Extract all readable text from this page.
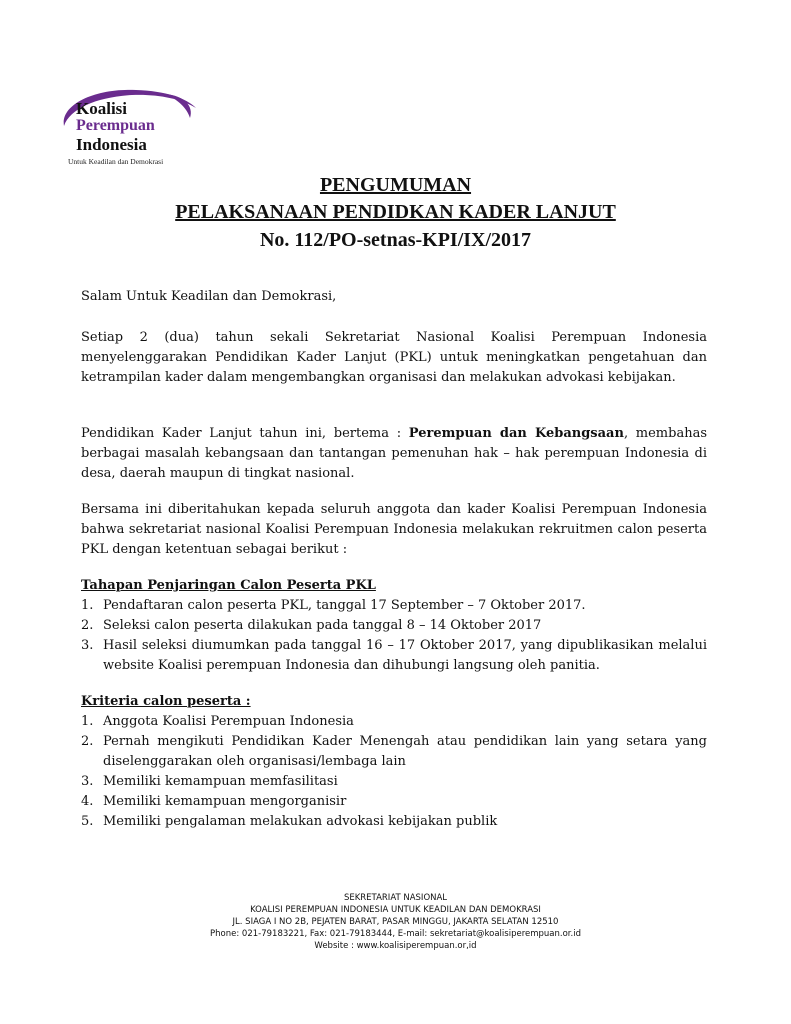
Koalisi
Perempuan
Indonesia
Untuk Keadilan dan Demokrasi
PENGUMUMAN
PELAKSANAAN PENDIDKAN KADER LANJUT
No. 112/PO-setnas-KPI/IX/2017
Salam Untuk Keadilan dan Demokrasi,
Setiap 2 (dua) tahun sekali Sekretariat Nasional Koalisi Perempuan Indonesia menyelenggarakan Pendidikan Kader Lanjut (PKL) untuk meningkatkan pengetahuan dan ketrampilan kader dalam mengembangkan organisasi dan melakukan advokasi kebijakan.
Pendidikan Kader Lanjut tahun ini, bertema : Perempuan dan Kebangsaan, membahas berbagai masalah kebangsaan dan tantangan pemenuhan hak – hak perempuan Indonesia di desa, daerah maupun di tingkat nasional.
Bersama ini diberitahukan kepada seluruh anggota dan kader Koalisi Perempuan Indonesia bahwa sekretariat nasional Koalisi Perempuan Indonesia melakukan rekruitmen calon peserta PKL dengan ketentuan sebagai berikut :
Tahapan Penjaringan Calon Peserta PKL
1. Pendaftaran calon peserta PKL, tanggal 17 September – 7 Oktober 2017.
2. Seleksi calon peserta dilakukan pada tanggal 8 – 14 Oktober 2017
3. Hasil seleksi diumumkan pada tanggal 16 – 17 Oktober 2017, yang dipublikasikan melalui website Koalisi perempuan Indonesia dan dihubungi langsung oleh panitia.
Kriteria calon peserta :
1. Anggota Koalisi Perempuan Indonesia
2. Pernah mengikuti Pendidikan Kader Menengah atau pendidikan lain yang setara yang diselenggarakan oleh organisasi/lembaga lain
3. Memiliki kemampuan memfasilitasi
4. Memiliki kemampuan mengorganisir
5. Memiliki pengalaman melakukan advokasi kebijakan publik
SEKRETARIAT NASIONAL
KOALISI PEREMPUAN INDONESIA UNTUK KEADILAN DAN DEMOKRASI
JL. SIAGA I NO 2B, PEJATEN BARAT, PASAR MINGGU, JAKARTA SELATAN 12510
Phone: 021-79183221, Fax: 021-79183444, E-mail: sekretariat@koalisiperempuan.or.id
Website : www.koalisiperempuan.or,id
